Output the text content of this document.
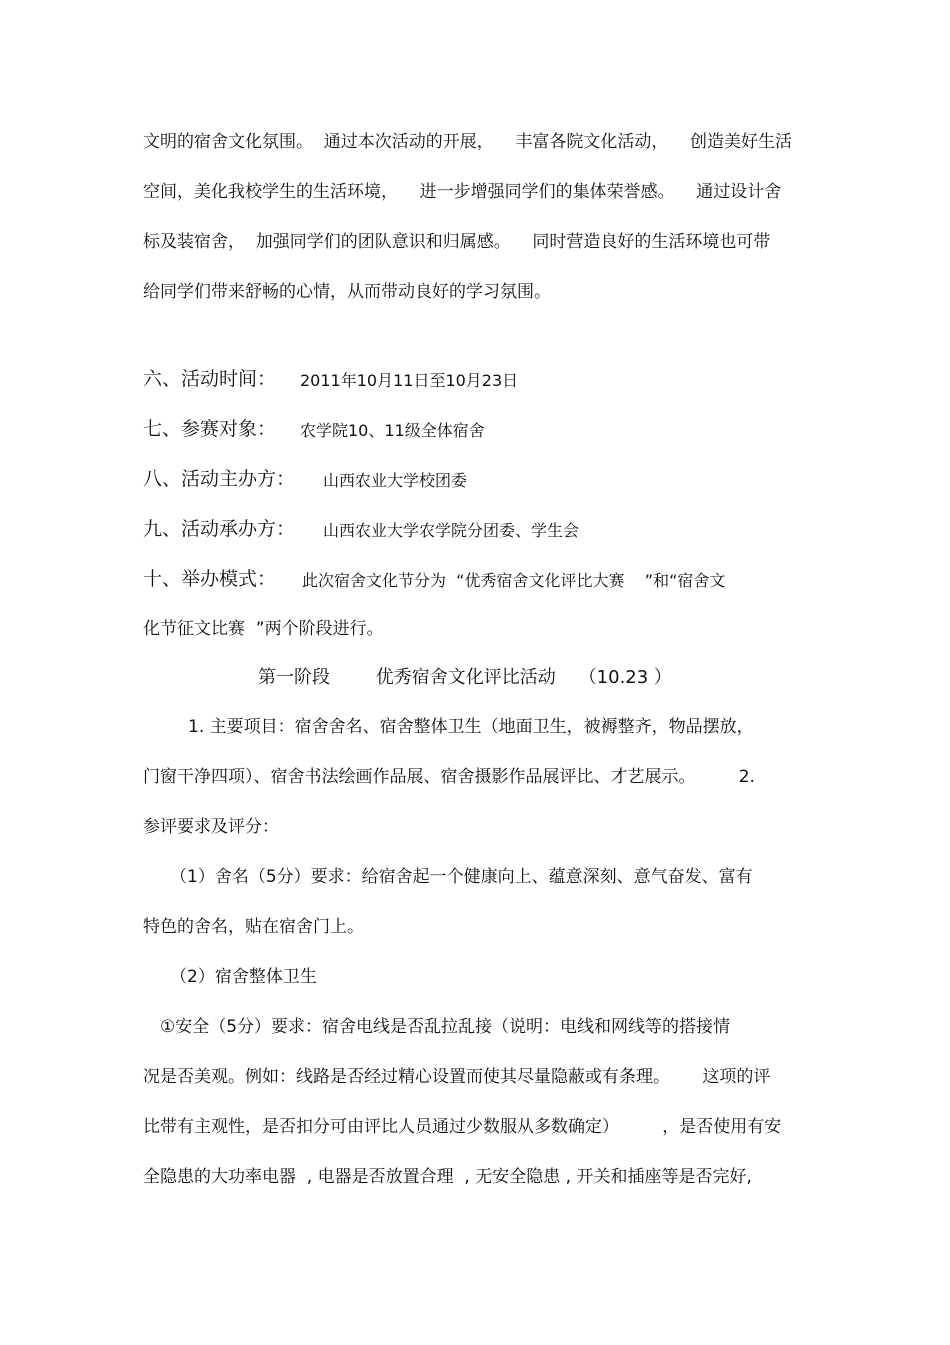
文明的宿舍文化氛围。  通过本次活动的开展，    丰富各院文化活动，    创造美好生活
空间，美化我校学生的生活环境，    进一步增强同学们的集体荣誉感。    通过设计舍
标及装宿舍，  加强同学们的团队意识和归属感。    同时营造良好的生活环境也可带
给同学们带来舒畅的心情，从而带动良好的学习氛围。
六、活动时间： 2011年10月11日至10月23日
七、参赛对象： 农学院10、11级全体宿舍
八、活动主办方： 山西农业大学校团委
九、活动承办方： 山西农业大学农学院分团委、学生会
十、举办模式： 此次宿舍文化节分为  “优秀宿舍文化评比大赛    ”和“宿舍文
化节征文比赛  ”两个阶段进行。
第一阶段        优秀宿舍文化评比活动    （10.23 ）
1. 主要项目：宿舍舍名、宿舍整体卫生（地面卫生，被褥整齐，物品摆放，
门窗干净四项）、宿舍书法绘画作品展、宿舍摄影作品展评比、才艺展示。        2.
参评要求及评分：
（1）舍名（5分）要求：给宿舍起一个健康向上、蕴意深刻、意气奋发、富有
特色的舍名，贴在宿舍门上。
（2）宿舍整体卫生
①安全（5分）要求：宿舍电线是否乱拉乱接（说明：电线和网线等的搭接情
况是否美观。例如：线路是否经过精心设置而使其尽量隐蔽或有条理。      这项的评
比带有主观性，是否扣分可由评比人员通过少数服从多数确定）        ，是否使用有安
全隐患的大功率电器  , 电器是否放置合理  , 无安全隐患 , 开关和插座等是否完好,
